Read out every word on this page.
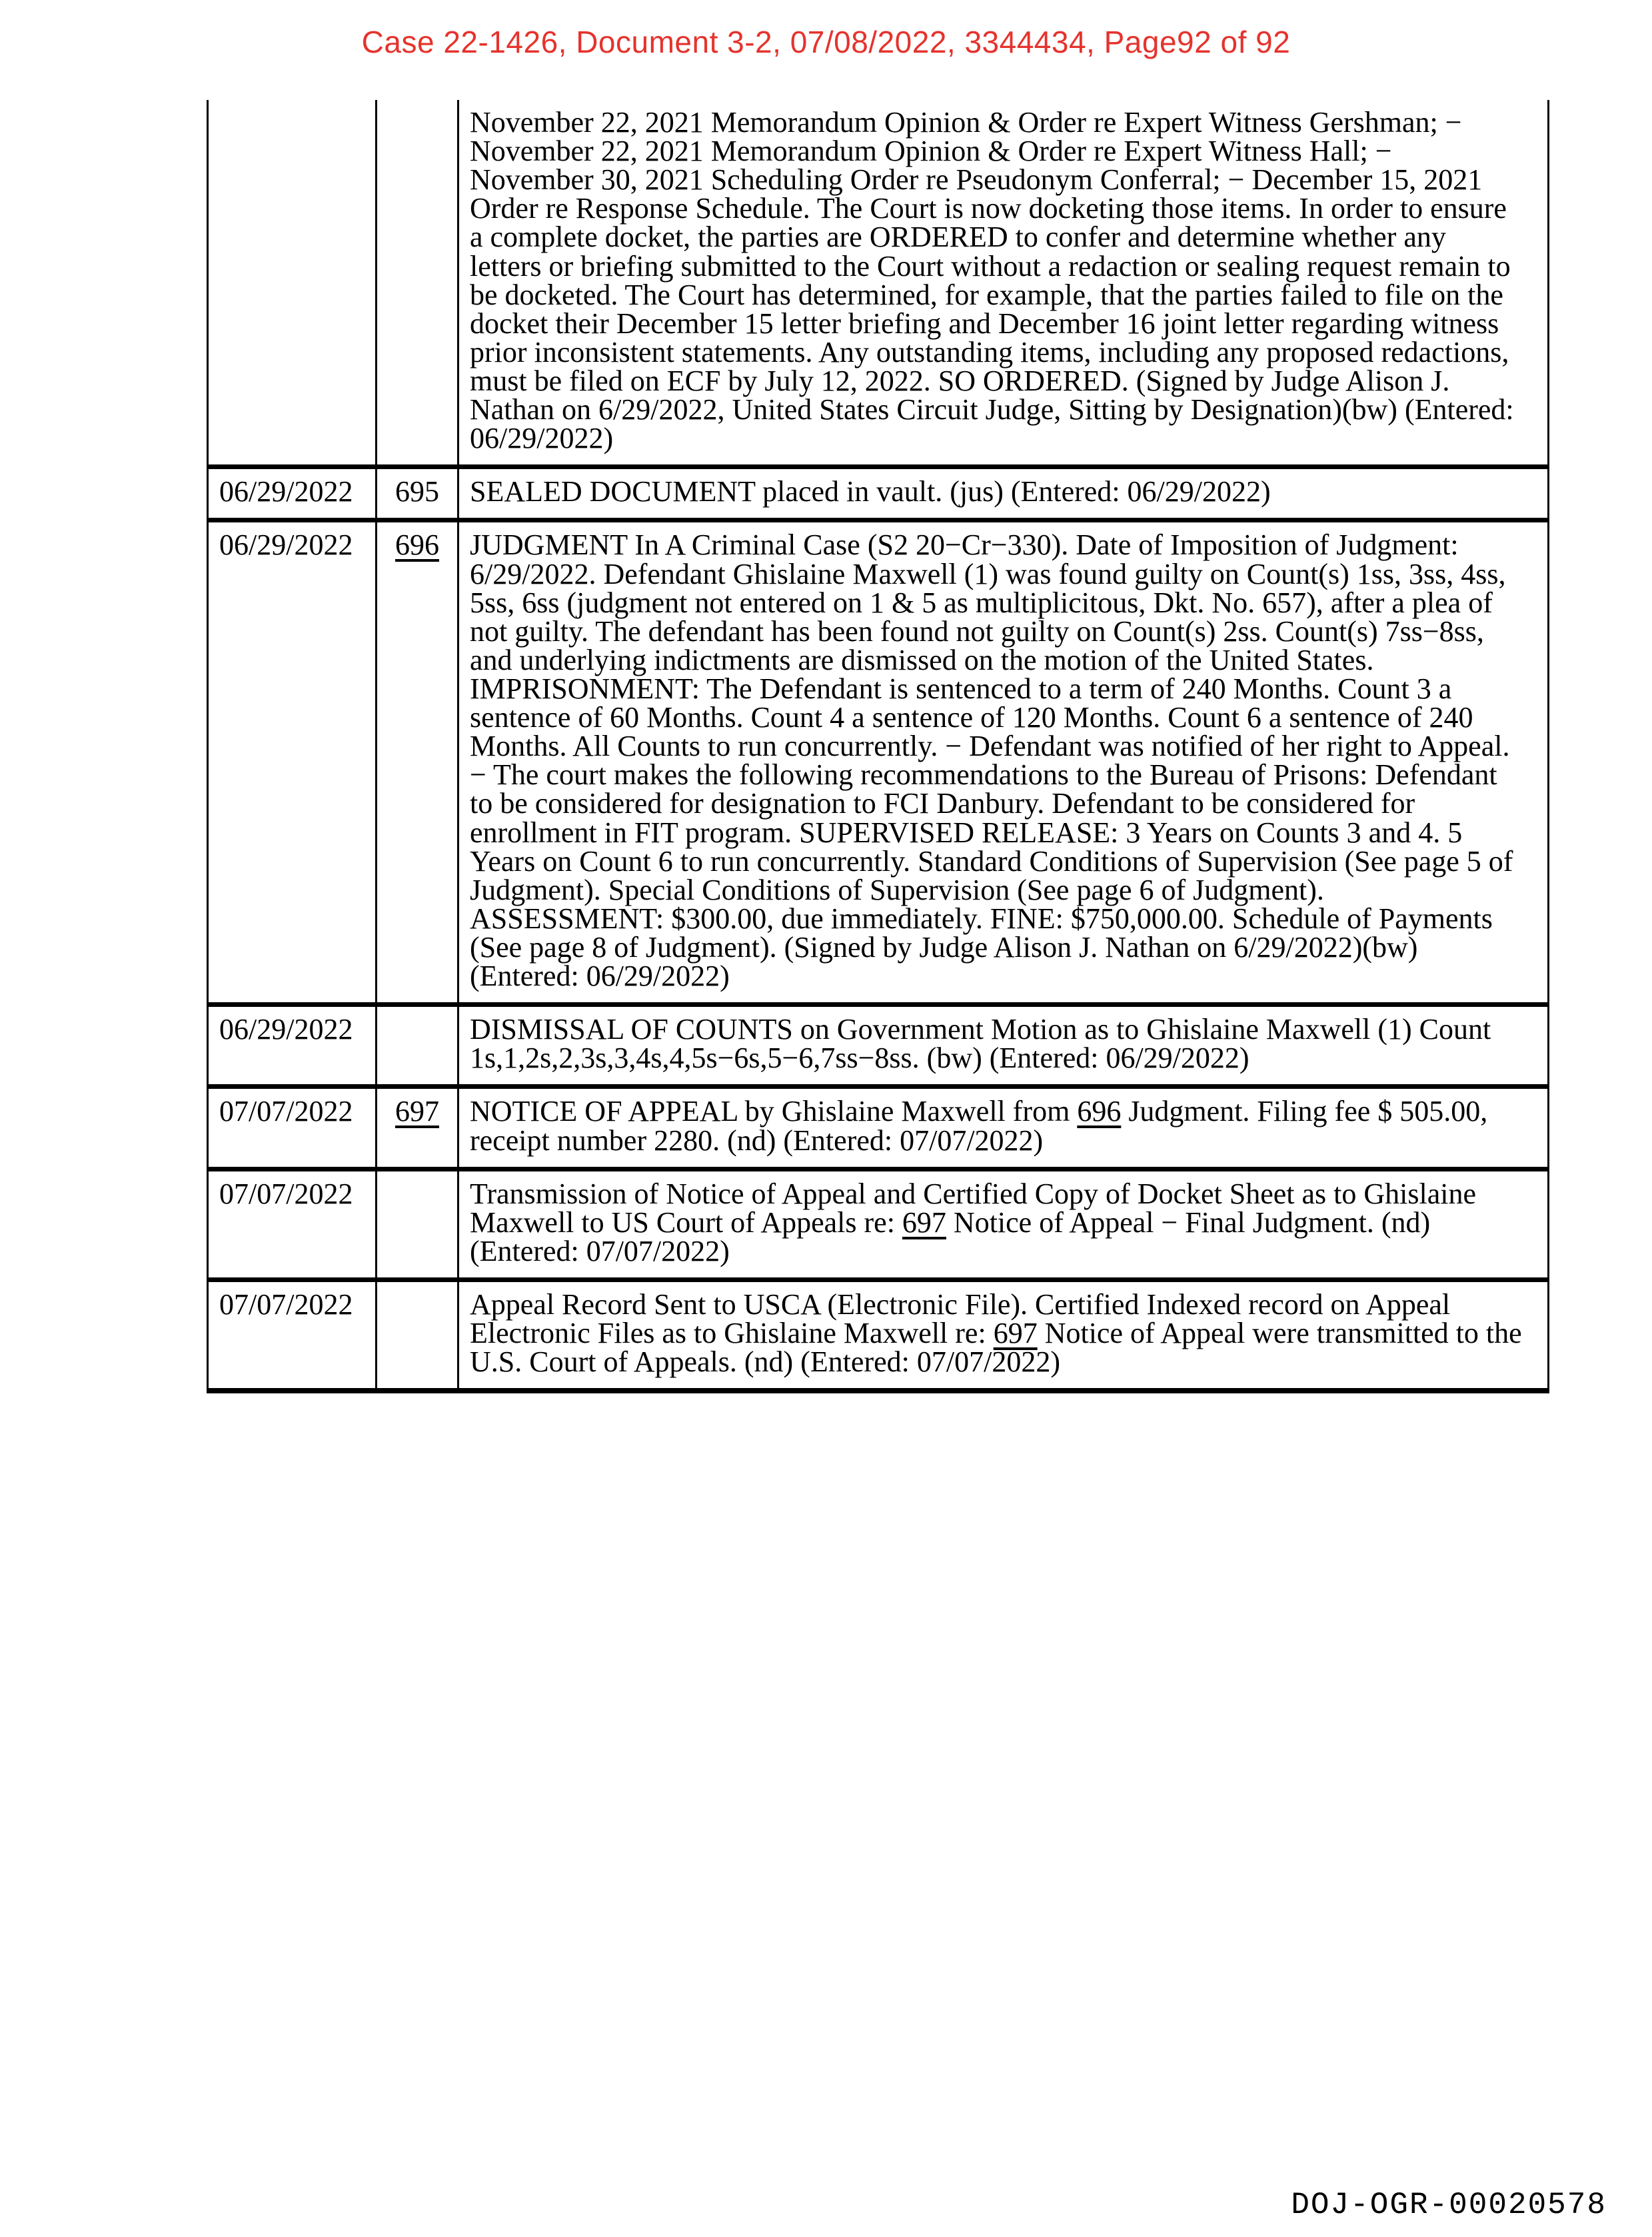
Case 22-1426, Document 3-2, 07/08/2022, 3344434, Page92 of 92
		November 22, 2021 Memorandum Opinion & Order re Expert Witness Gershman; − November 22, 2021 Memorandum Opinion & Order re Expert Witness Hall; − November 30, 2021 Scheduling Order re Pseudonym Conferral; − December 15, 2021 Order re Response Schedule. The Court is now docketing those items. In order to ensure a complete docket, the parties are ORDERED to confer and determine whether any letters or briefing submitted to the Court without a redaction or sealing request remain to be docketed. The Court has determined, for example, that the parties failed to file on the docket their December 15 letter briefing and December 16 joint letter regarding witness prior inconsistent statements. Any outstanding items, including any proposed redactions, must be filed on ECF by July 12, 2022. SO ORDERED. (Signed by Judge Alison J. Nathan on 6/29/2022, United States Circuit Judge, Sitting by Designation)(bw) (Entered: 06/29/2022)
06/29/2022	695	SEALED DOCUMENT placed in vault. (jus) (Entered: 06/29/2022)
06/29/2022	696	JUDGMENT In A Criminal Case (S2 20−Cr−330). Date of Imposition of Judgment: 6/29/2022. Defendant Ghislaine Maxwell (1) was found guilty on Count(s) 1ss, 3ss, 4ss, 5ss, 6ss (judgment not entered on 1 & 5 as multiplicitous, Dkt. No. 657), after a plea of not guilty. The defendant has been found not guilty on Count(s) 2ss. Count(s) 7ss−8ss, and underlying indictments are dismissed on the motion of the United States. IMPRISONMENT: The Defendant is sentenced to a term of 240 Months. Count 3 a sentence of 60 Months. Count 4 a sentence of 120 Months. Count 6 a sentence of 240 Months. All Counts to run concurrently. − Defendant was notified of her right to Appeal. − The court makes the following recommendations to the Bureau of Prisons: Defendant to be considered for designation to FCI Danbury. Defendant to be considered for enrollment in FIT program. SUPERVISED RELEASE: 3 Years on Counts 3 and 4. 5 Years on Count 6 to run concurrently. Standard Conditions of Supervision (See page 5 of Judgment). Special Conditions of Supervision (See page 6 of Judgment). ASSESSMENT: $300.00, due immediately. FINE: $750,000.00. Schedule of Payments (See page 8 of Judgment). (Signed by Judge Alison J. Nathan on 6/29/2022)(bw) (Entered: 06/29/2022)
06/29/2022		DISMISSAL OF COUNTS on Government Motion as to Ghislaine Maxwell (1) Count 1s,1,2s,2,3s,3,4s,4,5s−6s,5−6,7ss−8ss. (bw) (Entered: 06/29/2022)
07/07/2022	697	NOTICE OF APPEAL by Ghislaine Maxwell from 696 Judgment. Filing fee $ 505.00, receipt number 2280. (nd) (Entered: 07/07/2022)
07/07/2022		Transmission of Notice of Appeal and Certified Copy of Docket Sheet as to Ghislaine Maxwell to US Court of Appeals re: 697 Notice of Appeal − Final Judgment. (nd) (Entered: 07/07/2022)
07/07/2022		Appeal Record Sent to USCA (Electronic File). Certified Indexed record on Appeal Electronic Files as to Ghislaine Maxwell re: 697 Notice of Appeal were transmitted to the U.S. Court of Appeals. (nd) (Entered: 07/07/2022)
DOJ-OGR-00020578
